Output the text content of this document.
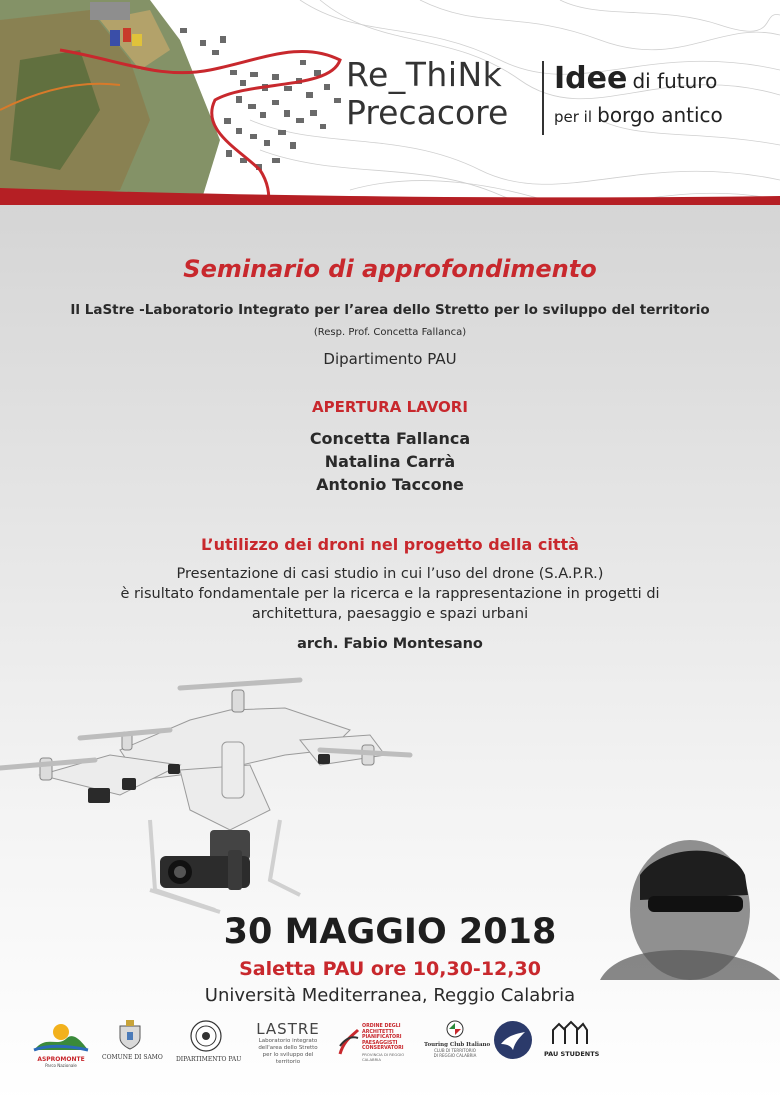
Re_ThiNk
Precacore
Idee di futuro
per il borgo antico
Seminario di approfondimento
Il LaStre -Laboratorio Integrato per l’area dello Stretto per lo sviluppo del territorio
(Resp. Prof. Concetta Fallanca)
Dipartimento PAU
APERTURA LAVORI
Concetta Fallanca
Natalina Carrà
Antonio Taccone
L’utilizzo dei droni nel progetto della città
Presentazione di casi studio in cui l’uso del drone (S.A.P.R.)
è risultato fondamentale per la ricerca e la rappresentazione in progetti di
architettura, paesaggio e spazi urbani
arch. Fabio Montesano
30 MAGGIO 2018
Saletta PAU ore 10,30-12,30
Università Mediterranea, Reggio Calabria
ASPROMONTE
Parco Nazionale
COMUNE DI SAMO DIPARTIMENTO PAU
LASTRE
Laboratorio integrato
dell'area dello Stretto
per lo sviluppo del territorio
ORDINE DEGLI
ARCHITETTI
PIANIFICATORI
PAESAGGISTI
CONSERVATORI
PROVINCIA DI REGGIO CALABRIA
Touring Club Italiano
CLUB DI TERRITORIO
DI REGGIO CALABRIA	PAU STUDENTS
